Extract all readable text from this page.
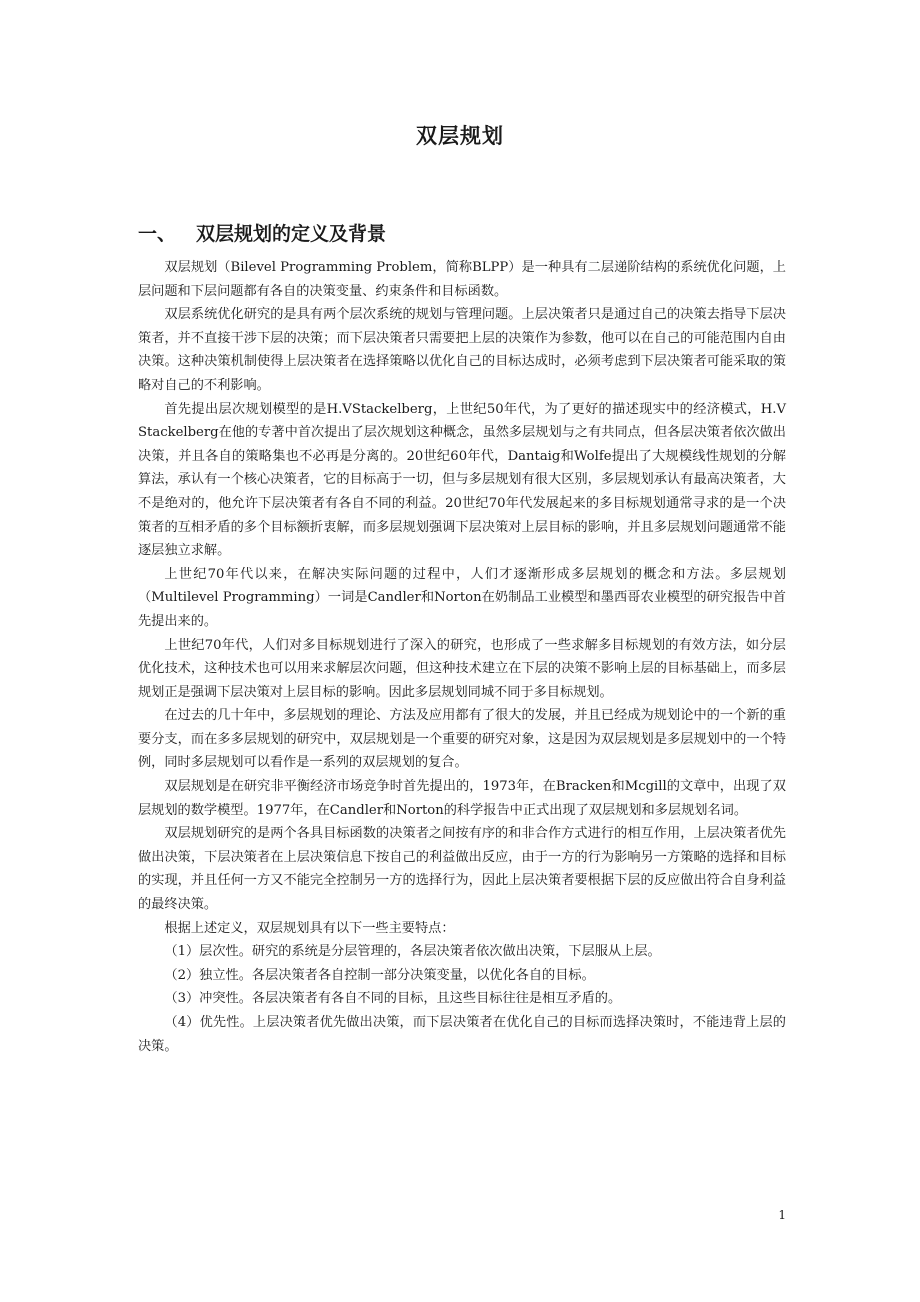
双层规划
一、 双层规划的定义及背景

双层规划（Bilevel Programming Problem，简称BLPP）是一种具有二层递阶结构的系统优化问题，上层问题和下层问题都有各自的决策变量、约束条件和目标函数。

双层系统优化研究的是具有两个层次系统的规划与管理问题。上层决策者只是通过自己的决策去指导下层决策者，并不直接干涉下层的决策；而下层决策者只需要把上层的决策作为参数，他可以在自己的可能范围内自由决策。这种决策机制使得上层决策者在选择策略以优化自己的目标达成时，必须考虑到下层决策者可能采取的策略对自己的不利影响。

首先提出层次规划模型的是H.VStackelberg，上世纪50年代，为了更好的描述现实中的经济模式，H.V Stackelberg在他的专著中首次提出了层次规划这种概念，虽然多层规划与之有共同点，但各层决策者依次做出决策，并且各自的策略集也不必再是分离的。20世纪60年代，Dantaig和Wolfe提出了大规模线性规划的分解算法，承认有一个核心决策者，它的目标高于一切，但与多层规划有很大区别，多层规划承认有最高决策者，大不是绝对的，他允许下层决策者有各自不同的利益。20世纪70年代发展起来的多目标规划通常寻求的是一个决策者的互相矛盾的多个目标额折衷解，而多层规划强调下层决策对上层目标的影响，并且多层规划问题通常不能逐层独立求解。

上世纪70年代以来，在解决实际问题的过程中，人们才逐渐形成多层规划的概念和方法。多层规划（Multilevel Programming）一词是Candler和Norton在奶制品工业模型和墨西哥农业模型的研究报告中首先提出来的。

上世纪70年代，人们对多目标规划进行了深入的研究，也形成了一些求解多目标规划的有效方法，如分层优化技术，这种技术也可以用来求解层次问题，但这种技术建立在下层的决策不影响上层的目标基础上，而多层规划正是强调下层决策对上层目标的影响。因此多层规划同城不同于多目标规划。

在过去的几十年中，多层规划的理论、方法及应用都有了很大的发展，并且已经成为规划论中的一个新的重要分支，而在多多层规划的研究中，双层规划是一个重要的研究对象，这是因为双层规划是多层规划中的一个特例，同时多层规划可以看作是一系列的双层规划的复合。

双层规划是在研究非平衡经济市场竞争时首先提出的，1973年，在Bracken和Mcgill的文章中，出现了双层规划的数学模型。1977年，在Candler和Norton的科学报告中正式出现了双层规划和多层规划名词。

双层规划研究的是两个各具目标函数的决策者之间按有序的和非合作方式进行的相互作用，上层决策者优先做出决策，下层决策者在上层决策信息下按自己的利益做出反应，由于一方的行为影响另一方策略的选择和目标的实现，并且任何一方又不能完全控制另一方的选择行为，因此上层决策者要根据下层的反应做出符合自身利益的最终决策。

根据上述定义，双层规划具有以下一些主要特点：

（1）层次性。研究的系统是分层管理的，各层决策者依次做出决策，下层服从上层。

（2）独立性。各层决策者各自控制一部分决策变量，以优化各自的目标。

（3）冲突性。各层决策者有各自不同的目标，且这些目标往往是相互矛盾的。

（4）优先性。上层决策者优先做出决策，而下层决策者在优化自己的目标而选择决策时，不能违背上层的决策。

1
